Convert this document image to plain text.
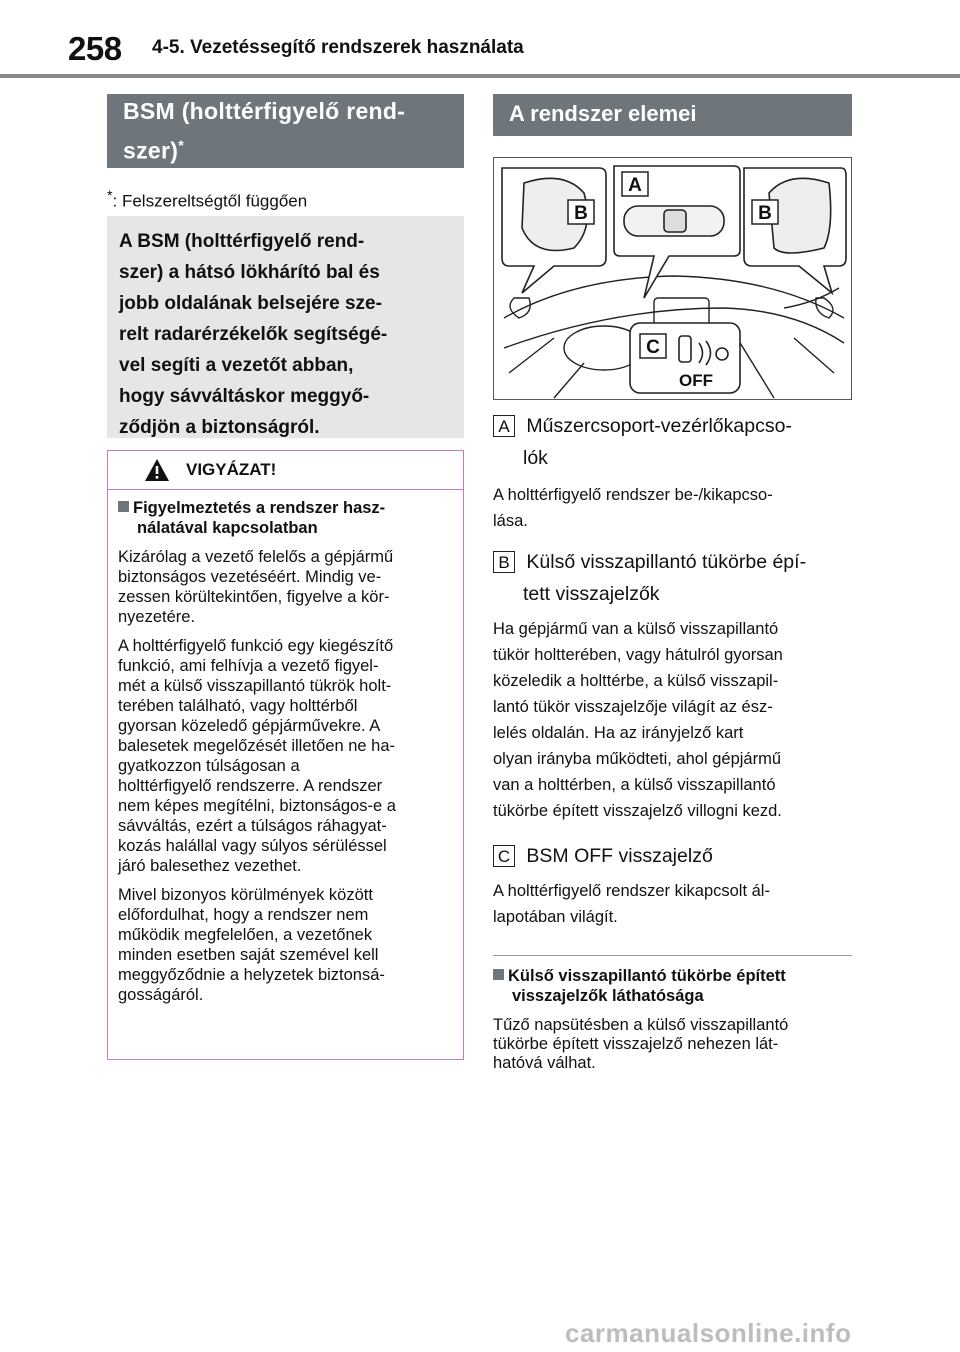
258 4-5. Vezetéssegítő rendszerek használata
BSM (holttérfigyelő rend-
szer)*
*: Felszereltségtől függően
A BSM (holttérfigyelő rend-
szer) a hátsó lökhárító bal és
jobb oldalának belsejére sze-
relt radarérzékelők segítségé-
vel segíti a vezetőt abban,
hogy sávváltáskor meggyő-
ződjön a biztonságról.
VIGYÁZAT!

Figyelmeztetés a rendszer hasz-
nálatával kapcsolatban

Kizárólag a vezető felelős a gépjármű
biztonságos vezetéséért. Mindig ve-
zessen körültekintően, figyelve a kör-
nyezetére.

A holttérfigyelő funkció egy kiegészítő
funkció, ami felhívja a vezető figyel-
mét a külső visszapillantó tükrök holt-
terében található, vagy holttérből
gyorsan közeledő gépjárművekre. A
balesetek megelőzését illetően ne ha-
gyatkozzon túlságosan a
holttérfigyelő rendszerre. A rendszer
nem képes megítélni, biztonságos-e a
sávváltás, ezért a túlságos ráhagyat-
kozás halállal vagy súlyos sérüléssel
járó balesethez vezethet.

Mivel bizonyos körülmények között
előfordulhat, hogy a rendszer nem
működik megfelelően, a vezetőnek
minden esetben saját szemével kell
meggyőződnie a helyzetek biztonsá-
gosságáról.

A rendszer elemei
OFF
B	B
A
C
A Műszercsoport-vezérlőkapcso-
lók
A holttérfigyelő rendszer be-/kikapcso-
lása.
B Külső visszapillantó tükörbe épí-
tett visszajelzők
Ha gépjármű van a külső visszapillantó
tükör holtterében, vagy hátulról gyorsan
közeledik a holttérbe, a külső visszapil-
lantó tükör visszajelzője világít az ész-
lelés oldalán. Ha az irányjelző kart
olyan irányba működteti, ahol gépjármű
van a holttérben, a külső visszapillantó
tükörbe épített visszajelző villogni kezd.
C BSM OFF visszajelző
A holttérfigyelő rendszer kikapcsolt ál-
lapotában világít.
Külső visszapillantó tükörbe épített
visszajelzők láthatósága
Tűző napsütésben a külső visszapillantó
tükörbe épített visszajelző nehezen lát-
hatóvá válhat.
carmanualsonline.info
